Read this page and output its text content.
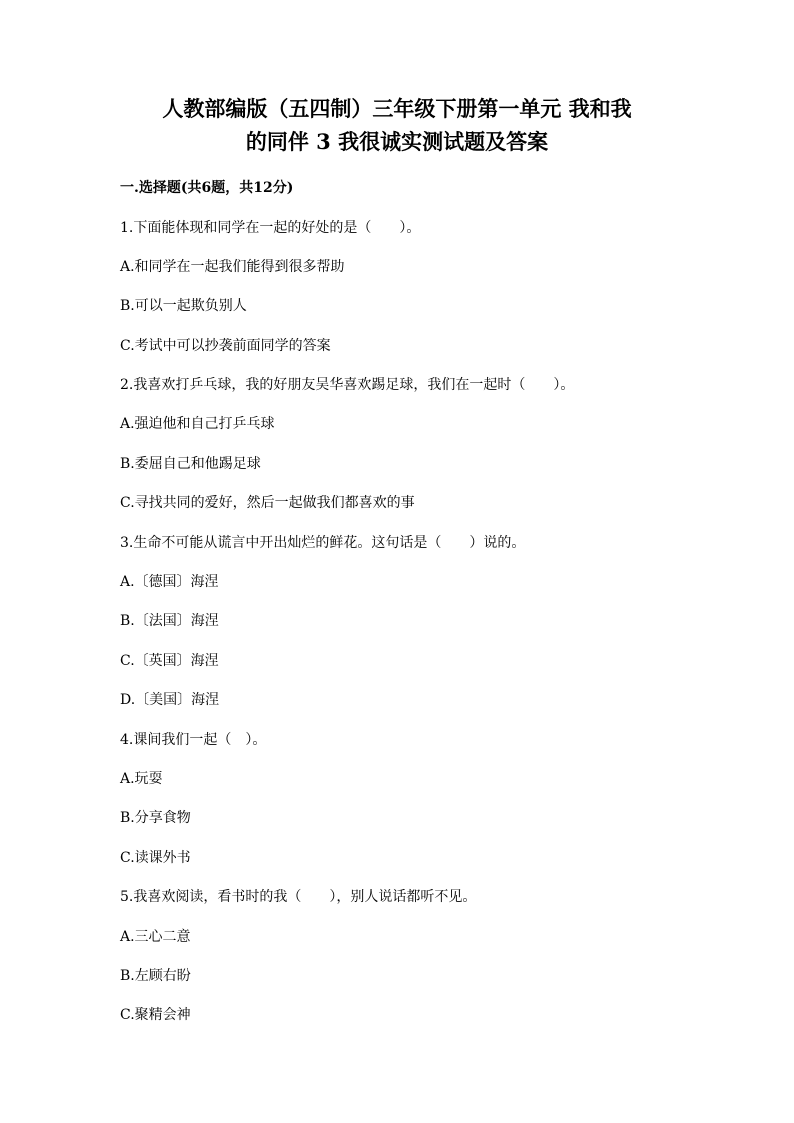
人教部编版（五四制）三年级下册第一单元 我和我
的同伴 3 我很诚实测试题及答案
一.选择题(共6题，共12分)
1.下面能体现和同学在一起的好处的是（　　）。
A.和同学在一起我们能得到很多帮助
B.可以一起欺负别人
C.考试中可以抄袭前面同学的答案
2.我喜欢打乒乓球，我的好朋友吴华喜欢踢足球，我们在一起时（　　）。
A.强迫他和自己打乒乓球
B.委屈自己和他踢足球
C.寻找共同的爱好，然后一起做我们都喜欢的事
3.生命不可能从谎言中开出灿烂的鲜花。这句话是（　　）说的。
A.〔德国〕海涅
B.〔法国〕海涅
C.〔英国〕海涅
D.〔美国〕海涅
4.课间我们一起（　）。
A.玩耍
B.分享食物
C.读课外书
5.我喜欢阅读，看书时的我（　　），别人说话都听不见。
A.三心二意
B.左顾右盼
C.聚精会神
